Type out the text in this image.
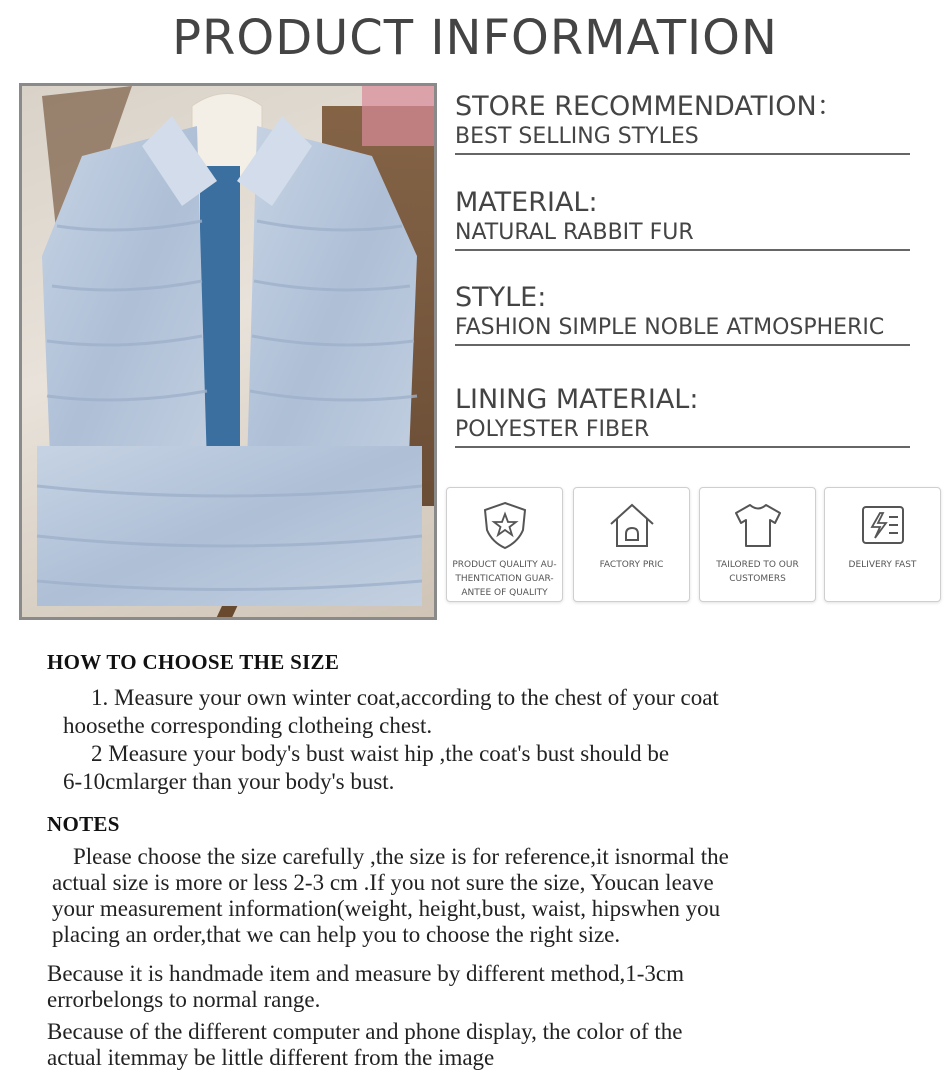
PRODUCT INFORMATION
STORE RECOMMENDATION：
BEST SELLING STYLES
MATERIAL:
NATURAL RABBIT FUR
STYLE:
FASHION SIMPLE NOBLE ATMOSPHERIC
LINING MATERIAL:
POLYESTER FIBER
PRODUCT QUALITY AU-THENTICATION GUAR-ANTEE OF QUALITY
FACTORY PRIC	TAILORED TO OUR CUSTOMERS
DELIVERY FAST
HOW TO CHOOSE THE SIZE
1. Measure your own winter coat,according to the chest of your coat
hoosethe corresponding clotheing chest.
2 Measure your body's bust waist hip ,the coat's bust should be
6-10cmlarger than your body's bust.
NOTES
Please choose the size carefully ,the size is for reference,it isnormal the
actual size is more or less 2-3 cm .If you not sure the size, Youcan leave
your measurement information(weight, height,bust, waist, hipswhen you
placing an order,that we can help you to choose the right size.
Because it is handmade item and measure by different method,1-3cm
errorbelongs to normal range.
Because of the different computer and phone display, the color of the
actual itemmay be little different from the image
